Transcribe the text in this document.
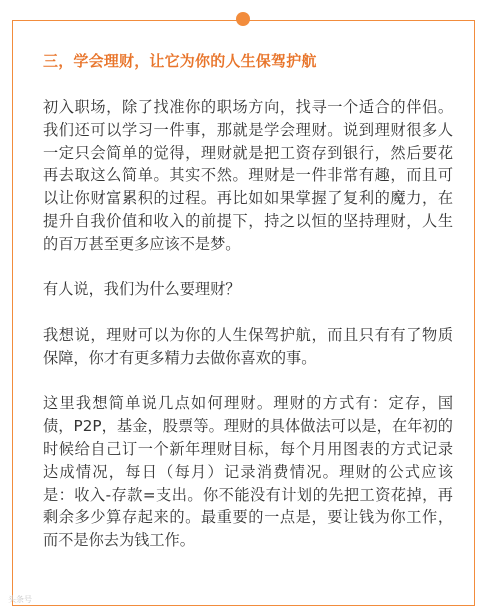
三，学会理财，让它为你的人生保驾护航

初入职场，除了找准你的职场方向，找寻一个适合的伴侣。我们还可以学习一件事，那就是学会理财。说到理财很多人一定只会简单的觉得，理财就是把工资存到银行，然后要花再去取这么简单。其实不然。理财是一件非常有趣，而且可以让你财富累积的过程。再比如如果掌握了复利的魔力，在提升自我价值和收入的前提下，持之以恒的坚持理财，人生的百万甚至更多应该不是梦。

有人说，我们为什么要理财？

我想说，理财可以为你的人生保驾护航，而且只有有了物质保障，你才有更多精力去做你喜欢的事。

这里我想简单说几点如何理财。理财的方式有：定存，国债，P2P，基金，股票等。理财的具体做法可以是，在年初的时候给自己订一个新年理财目标，每个月用图表的方式记录达成情况，每日（每月）记录消费情况。理财的公式应该是：收入-存款=支出。你不能没有计划的先把工资花掉，再剩余多少算存起来的。最重要的一点是，要让钱为你工作，而不是你去为钱工作。

头条号
